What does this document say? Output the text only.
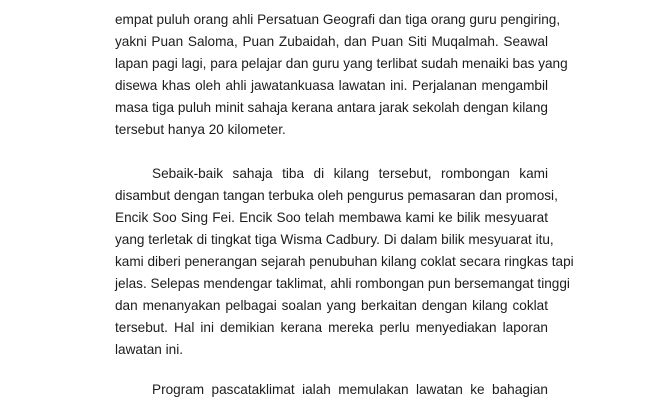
empat puluh orang ahli Persatuan Geografi dan tiga orang guru pengiring,
yakni Puan Saloma, Puan Zubaidah, dan Puan Siti Muqalmah. Seawal
lapan pagi lagi, para pelajar dan guru yang terlibat sudah menaiki bas yang
disewa khas oleh ahli jawatankuasa lawatan ini. Perjalanan mengambil
masa tiga puluh minit sahaja kerana antara jarak sekolah dengan kilang
tersebut hanya 20 kilometer.
Sebaik-baik sahaja tiba di kilang tersebut, rombongan kami
disambut dengan tangan terbuka oleh pengurus pemasaran dan promosi,
Encik Soo Sing Fei. Encik Soo telah membawa kami ke bilik mesyuarat
yang terletak di tingkat tiga Wisma Cadbury. Di dalam bilik mesyuarat itu,
kami diberi penerangan sejarah penubuhan kilang coklat secara ringkas tapi
jelas. Selepas mendengar taklimat, ahli rombongan pun bersemangat tinggi
dan menanyakan pelbagai soalan yang berkaitan dengan kilang coklat
tersebut. Hal ini demikian kerana mereka perlu menyediakan laporan
lawatan ini.
Program pascataklimat ialah memulakan lawatan ke bahagian
